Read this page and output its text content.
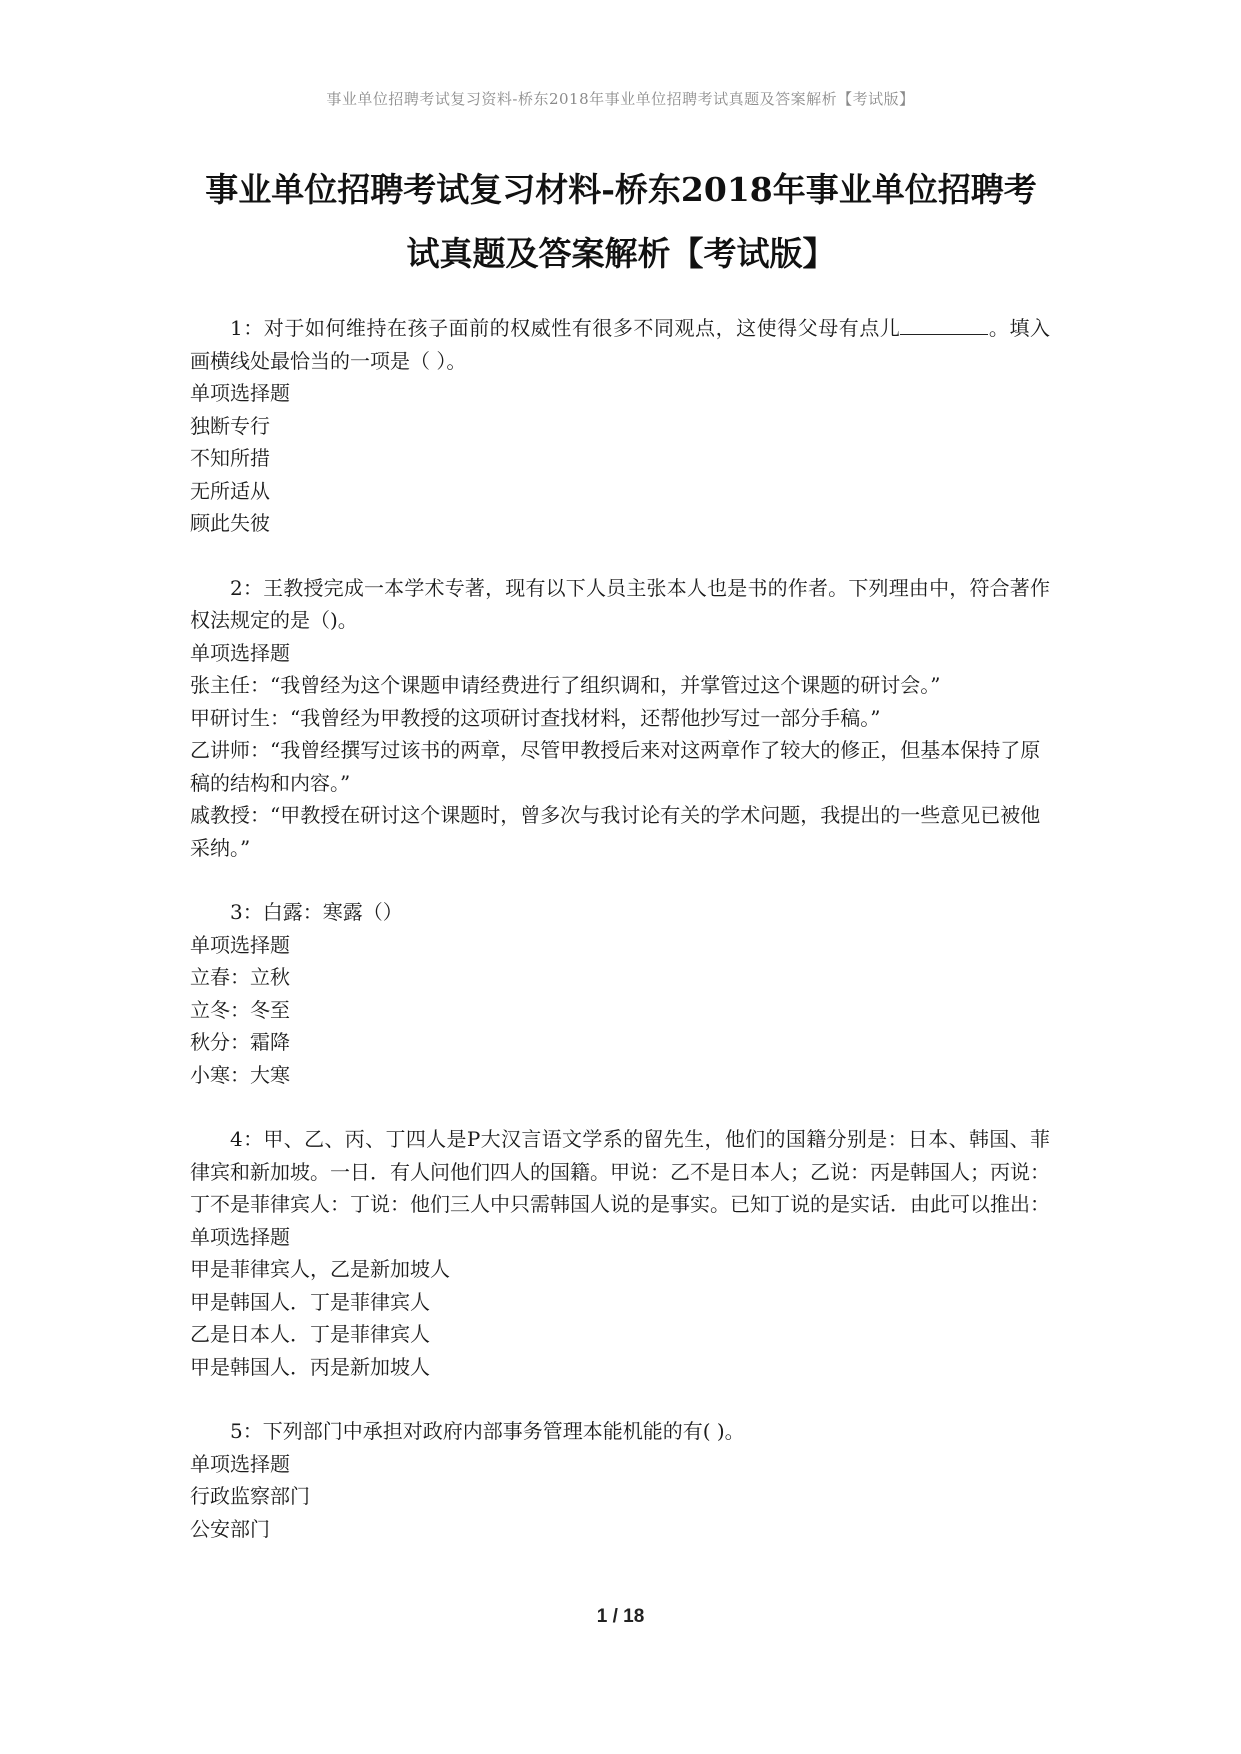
事业单位招聘考试复习资料-桥东2018年事业单位招聘考试真题及答案解析【考试版】
事业单位招聘考试复习材料-桥东2018年事业单位招聘考
试真题及答案解析【考试版】

1：对于如何维持在孩子面前的权威性有很多不同观点，这使得父母有点儿	。填入画横线处最恰当的一项是（ ）。

单项选择题

独断专行

不知所措

无所适从

顾此失彼

2：王教授完成一本学术专著，现有以下人员主张本人也是书的作者。下列理由中，符合著作权法规定的是（)。

单项选择题

张主任：“我曾经为这个课题申请经费进行了组织调和，并掌管过这个课题的研讨会。”

甲研讨生：“我曾经为甲教授的这项研讨查找材料，还帮他抄写过一部分手稿。”

乙讲师：“我曾经撰写过该书的两章，尽管甲教授后来对这两章作了较大的修正，但基本保持了原稿的结构和内容。”

戚教授：“甲教授在研讨这个课题时，曾多次与我讨论有关的学术问题，我提出的一些意见已被他采纳。”

3：白露：寒露（）

单项选择题

立春：立秋

立冬：冬至

秋分：霜降

小寒：大寒

4：甲、乙、丙、丁四人是P大汉言语文学系的留先生，他们的国籍分别是：日本、韩国、菲律宾和新加坡。一日．有人问他们四人的国籍。甲说：乙不是日本人；乙说：丙是韩国人；丙说：丁不是菲律宾人：丁说：他们三人中只需韩国人说的是事实。已知丁说的是实话．由此可以推出：

单项选择题

甲是菲律宾人，乙是新加坡人

甲是韩国人．丁是菲律宾人

乙是日本人．丁是菲律宾人

甲是韩国人．丙是新加坡人

5：下列部门中承担对政府内部事务管理本能机能的有( )。

单项选择题

行政监察部门

公安部门

1 / 18
